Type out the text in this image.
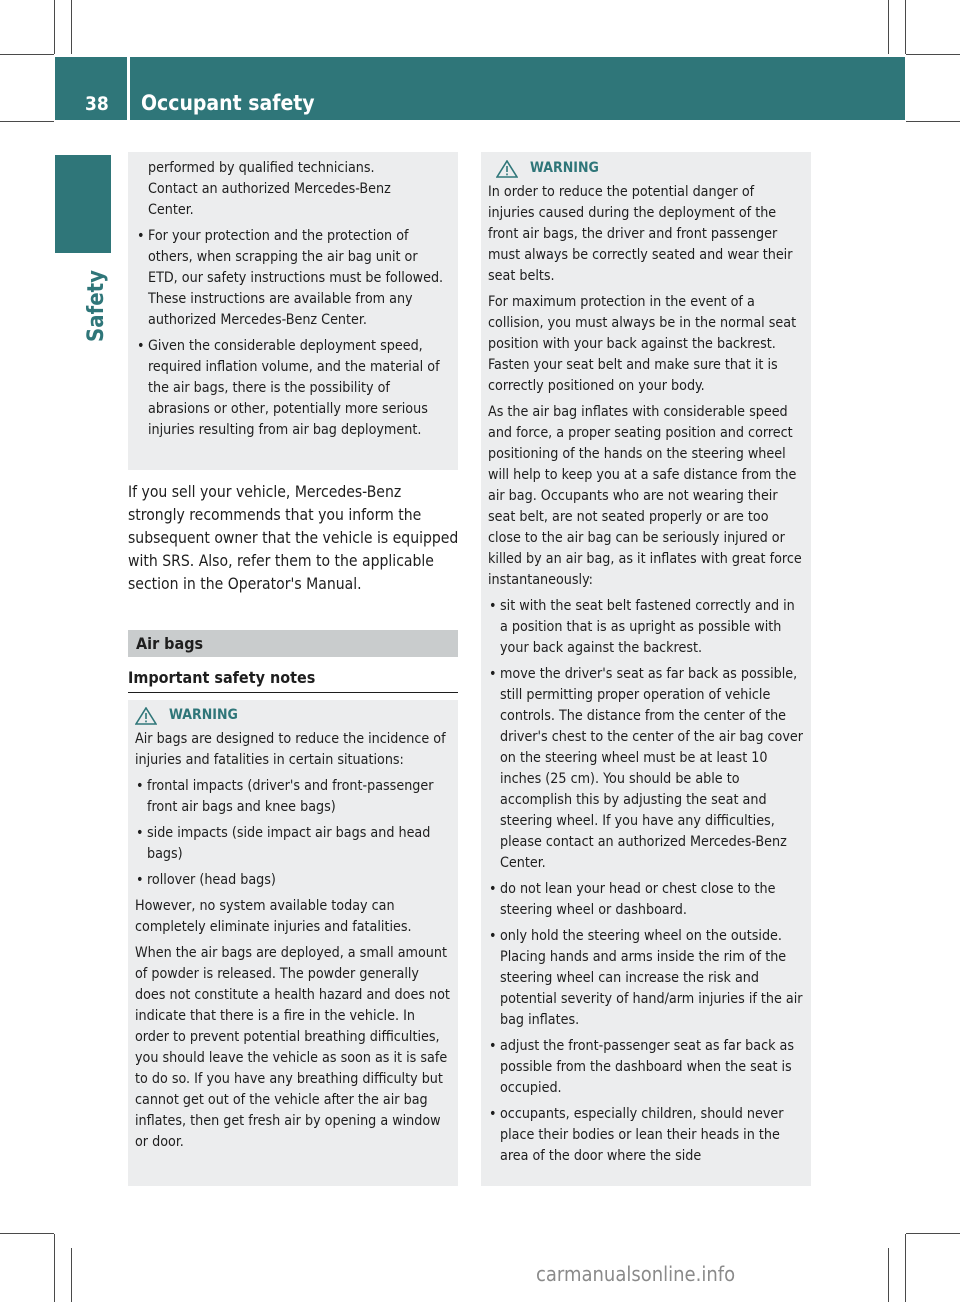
38 Occupant safety
Safety
performed by qualified technicians.
Contact an authorized Mercedes-Benz
Center.
• For your protection and the protection of others, when scrapping the air bag unit or ETD, our safety instructions must be followed. These instructions are available from any authorized Mercedes-Benz Center.
• Given the considerable deployment speed, required inflation volume, and the material of the air bags, there is the possibility of abrasions or other, potentially more serious injuries resulting from air bag deployment.
If you sell your vehicle, Mercedes-Benz strongly recommends that you inform the subsequent owner that the vehicle is equipped with SRS. Also, refer them to the applicable section in the Operator's Manual.
Air bags
Important safety notes
WARNING

Air bags are designed to reduce the incidence of injuries and fatalities in certain situations:

• frontal impacts (driver's and front-passenger front air bags and knee bags)
• side impacts (side impact air bags and head bags)
• rollover (head bags)

However, no system available today can completely eliminate injuries and fatalities.

When the air bags are deployed, a small amount of powder is released. The powder generally does not constitute a health hazard and does not indicate that there is a fire in the vehicle. In order to prevent potential breathing difficulties, you should leave the vehicle as soon as it is safe to do so. If you have any breathing difficulty but cannot get out of the vehicle after the air bag inflates, then get fresh air by opening a window or door.

WARNING

In order to reduce the potential danger of injuries caused during the deployment of the front air bags, the driver and front passenger must always be correctly seated and wear their seat belts.

For maximum protection in the event of a collision, you must always be in the normal seat position with your back against the backrest. Fasten your seat belt and make sure that it is correctly positioned on your body.

As the air bag inflates with considerable speed and force, a proper seating position and correct positioning of the hands on the steering wheel will help to keep you at a safe distance from the air bag. Occupants who are not wearing their seat belt, are not seated properly or are too close to the air bag can be seriously injured or killed by an air bag, as it inflates with great force instantaneously:

• sit with the seat belt fastened correctly and in a position that is as upright as possible with your back against the backrest.
• move the driver's seat as far back as possible, still permitting proper operation of vehicle controls. The distance from the center of the driver's chest to the center of the air bag cover on the steering wheel must be at least 10 inches (25 cm). You should be able to accomplish this by adjusting the seat and steering wheel. If you have any difficulties, please contact an authorized Mercedes-Benz Center.
• do not lean your head or chest close to the steering wheel or dashboard.
• only hold the steering wheel on the outside. Placing hands and arms inside the rim of the steering wheel can increase the risk and potential severity of hand/arm injuries if the air bag inflates.
• adjust the front-passenger seat as far back as possible from the dashboard when the seat is occupied.
• occupants, especially children, should never place their bodies or lean their heads in the area of the door where the side
carmanualsonline.info
